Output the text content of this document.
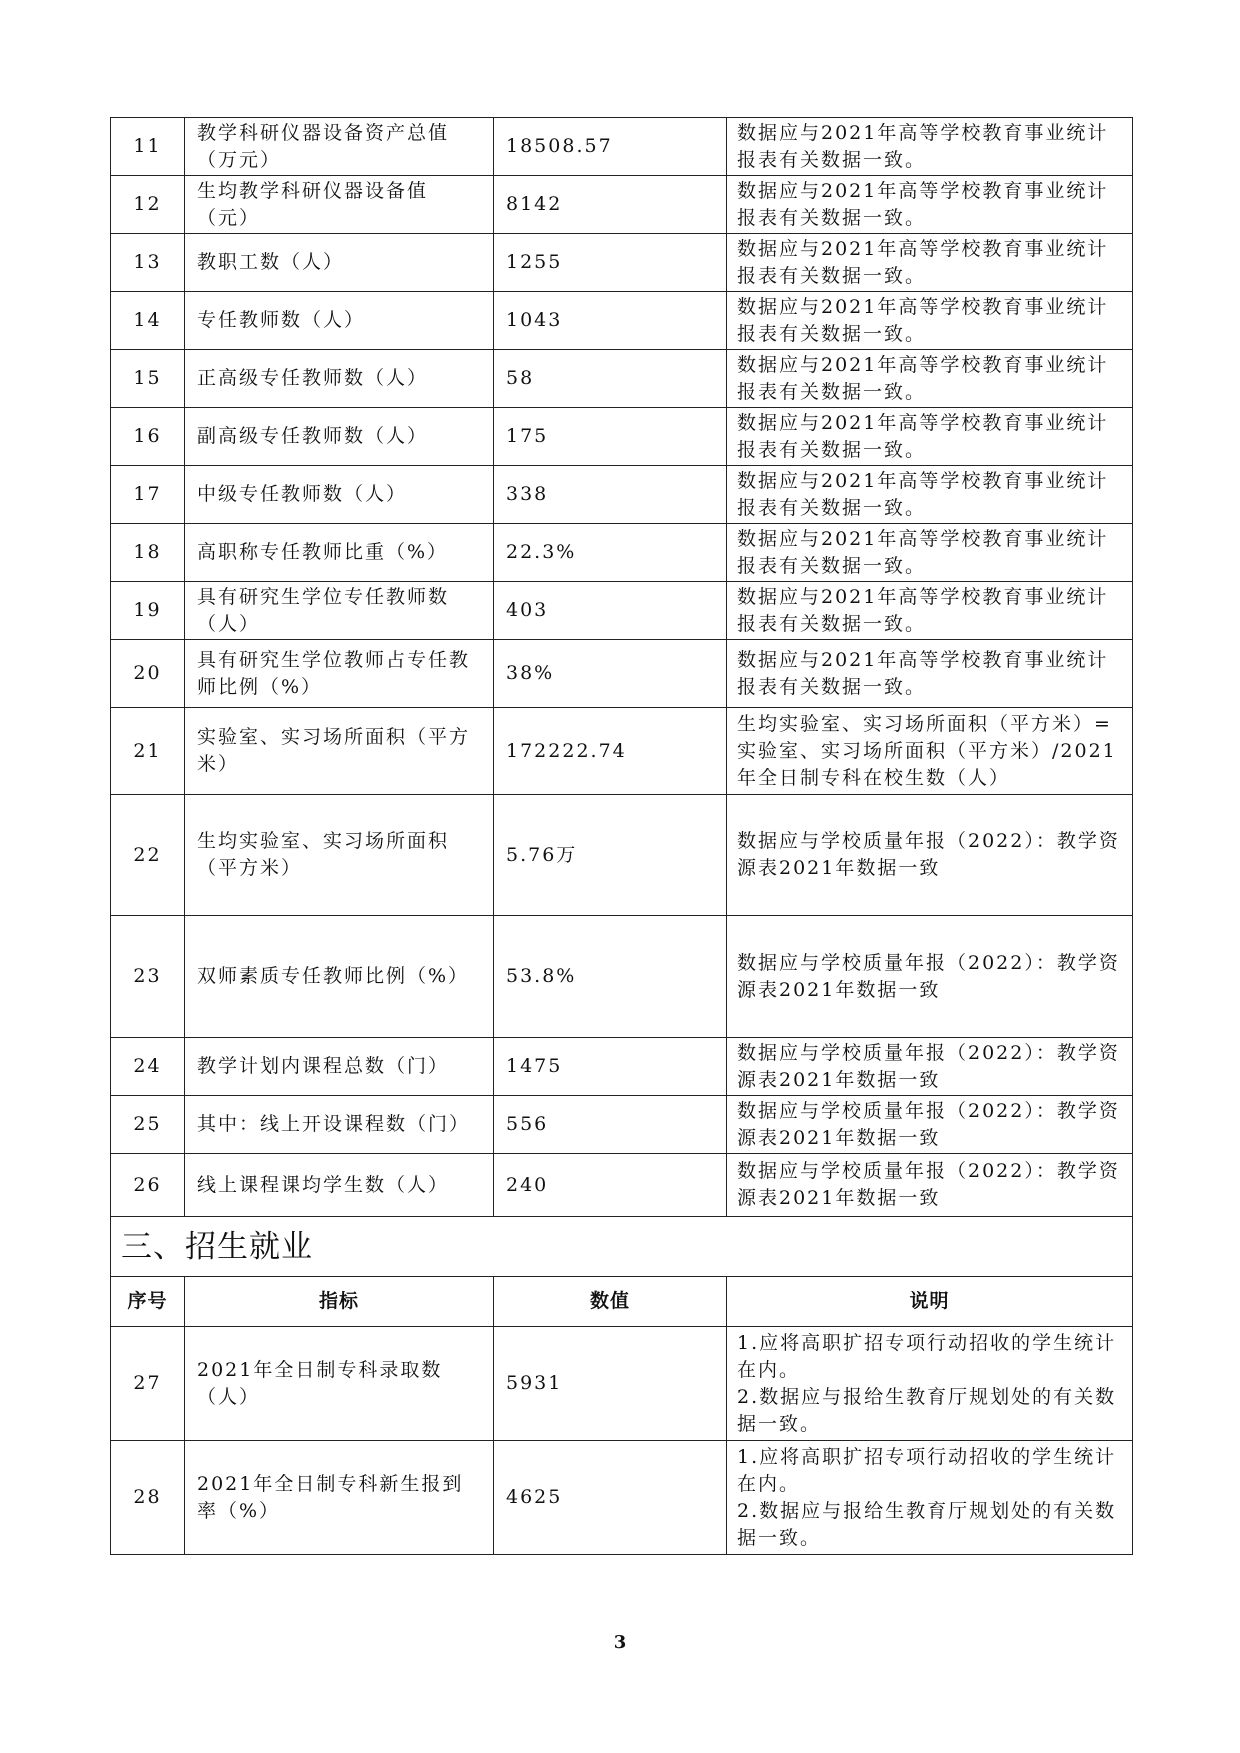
11	教学科研仪器设备资产总值（万元）	18508.57	数据应与2021年高等学校教育事业统计报表有关数据一致。
12	生均教学科研仪器设备值（元）	8142	数据应与2021年高等学校教育事业统计报表有关数据一致。
13	教职工数（人）	1255	数据应与2021年高等学校教育事业统计报表有关数据一致。
14	专任教师数（人）	1043	数据应与2021年高等学校教育事业统计报表有关数据一致。
15	正高级专任教师数（人）	58	数据应与2021年高等学校教育事业统计报表有关数据一致。
16	副高级专任教师数（人）	175	数据应与2021年高等学校教育事业统计报表有关数据一致。
17	中级专任教师数（人）	338	数据应与2021年高等学校教育事业统计报表有关数据一致。
18	高职称专任教师比重（%）	22.3%	数据应与2021年高等学校教育事业统计报表有关数据一致。
19	具有研究生学位专任教师数（人）	403	数据应与2021年高等学校教育事业统计报表有关数据一致。
20	具有研究生学位教师占专任教师比例（%）	38%	数据应与2021年高等学校教育事业统计报表有关数据一致。
21	实验室、实习场所面积（平方米）	172222.74	生均实验室、实习场所面积（平方米）=实验室、实习场所面积（平方米）/2021年全日制专科在校生数（人）
22	生均实验室、实习场所面积（平方米）	5.76万	数据应与学校质量年报（2022）：教学资源表2021年数据一致
23	双师素质专任教师比例（%）	53.8%	数据应与学校质量年报（2022）：教学资源表2021年数据一致
24	教学计划内课程总数（门）	1475	数据应与学校质量年报（2022）：教学资源表2021年数据一致
25	其中：线上开设课程数（门）	556	数据应与学校质量年报（2022）：教学资源表2021年数据一致
26	线上课程课均学生数（人）	240	数据应与学校质量年报（2022）：教学资源表2021年数据一致
三、招生就业			
序号	指标	数值	说明
27	2021年全日制专科录取数（人）	5931	1.应将高职扩招专项行动招收的学生统计在内。
2.数据应与报给生教育厅规划处的有关数据一致。

28	2021年全日制专科新生报到率（%）	4625	1.应将高职扩招专项行动招收的学生统计在内。
2.数据应与报给生教育厅规划处的有关数据一致。
3
